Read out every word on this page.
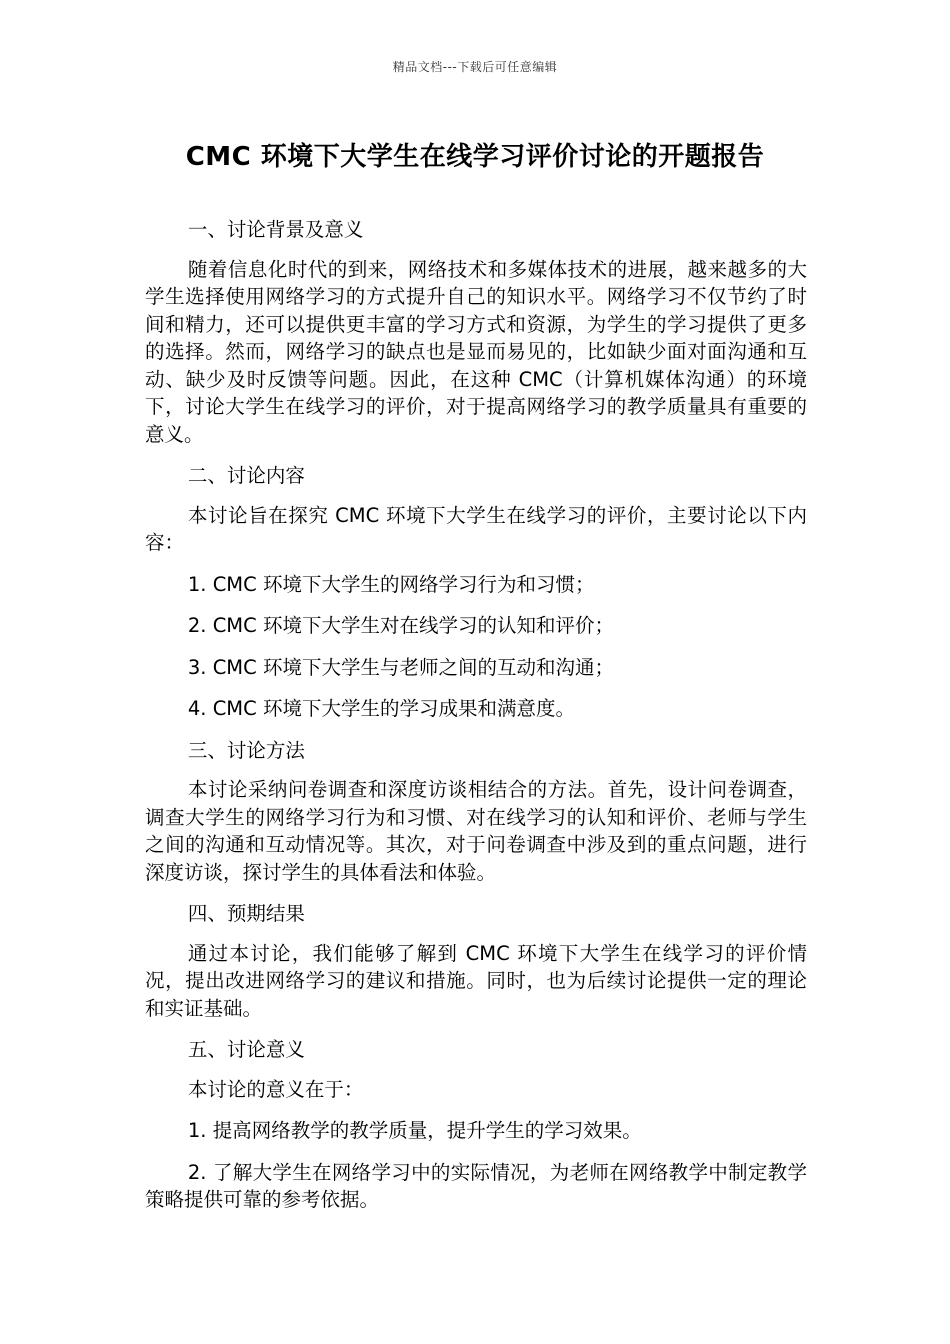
精品文档---下载后可任意编辑
CMC 环境下大学生在线学习评价讨论的开题报告

一、讨论背景及意义

随着信息化时代的到来，网络技术和多媒体技术的进展，越来越多的大学生选择使用网络学习的方式提升自己的知识水平。网络学习不仅节约了时间和精力，还可以提供更丰富的学习方式和资源，为学生的学习提供了更多的选择。然而，网络学习的缺点也是显而易见的，比如缺少面对面沟通和互动、缺少及时反馈等问题。因此，在这种 CMC（计算机媒体沟通）的环境下，讨论大学生在线学习的评价，对于提高网络学习的教学质量具有重要的意义。

二、讨论内容

本讨论旨在探究 CMC 环境下大学生在线学习的评价，主要讨论以下内容：

1. CMC 环境下大学生的网络学习行为和习惯；

2. CMC 环境下大学生对在线学习的认知和评价；

3. CMC 环境下大学生与老师之间的互动和沟通；

4. CMC 环境下大学生的学习成果和满意度。

三、讨论方法

本讨论采纳问卷调查和深度访谈相结合的方法。首先，设计问卷调查，调查大学生的网络学习行为和习惯、对在线学习的认知和评价、老师与学生之间的沟通和互动情况等。其次，对于问卷调查中涉及到的重点问题，进行深度访谈，探讨学生的具体看法和体验。

四、预期结果

通过本讨论，我们能够了解到 CMC 环境下大学生在线学习的评价情况，提出改进网络学习的建议和措施。同时，也为后续讨论提供一定的理论和实证基础。

五、讨论意义

本讨论的意义在于：

1. 提高网络教学的教学质量，提升学生的学习效果。

2. 了解大学生在网络学习中的实际情况，为老师在网络教学中制定教学策略提供可靠的参考依据。
